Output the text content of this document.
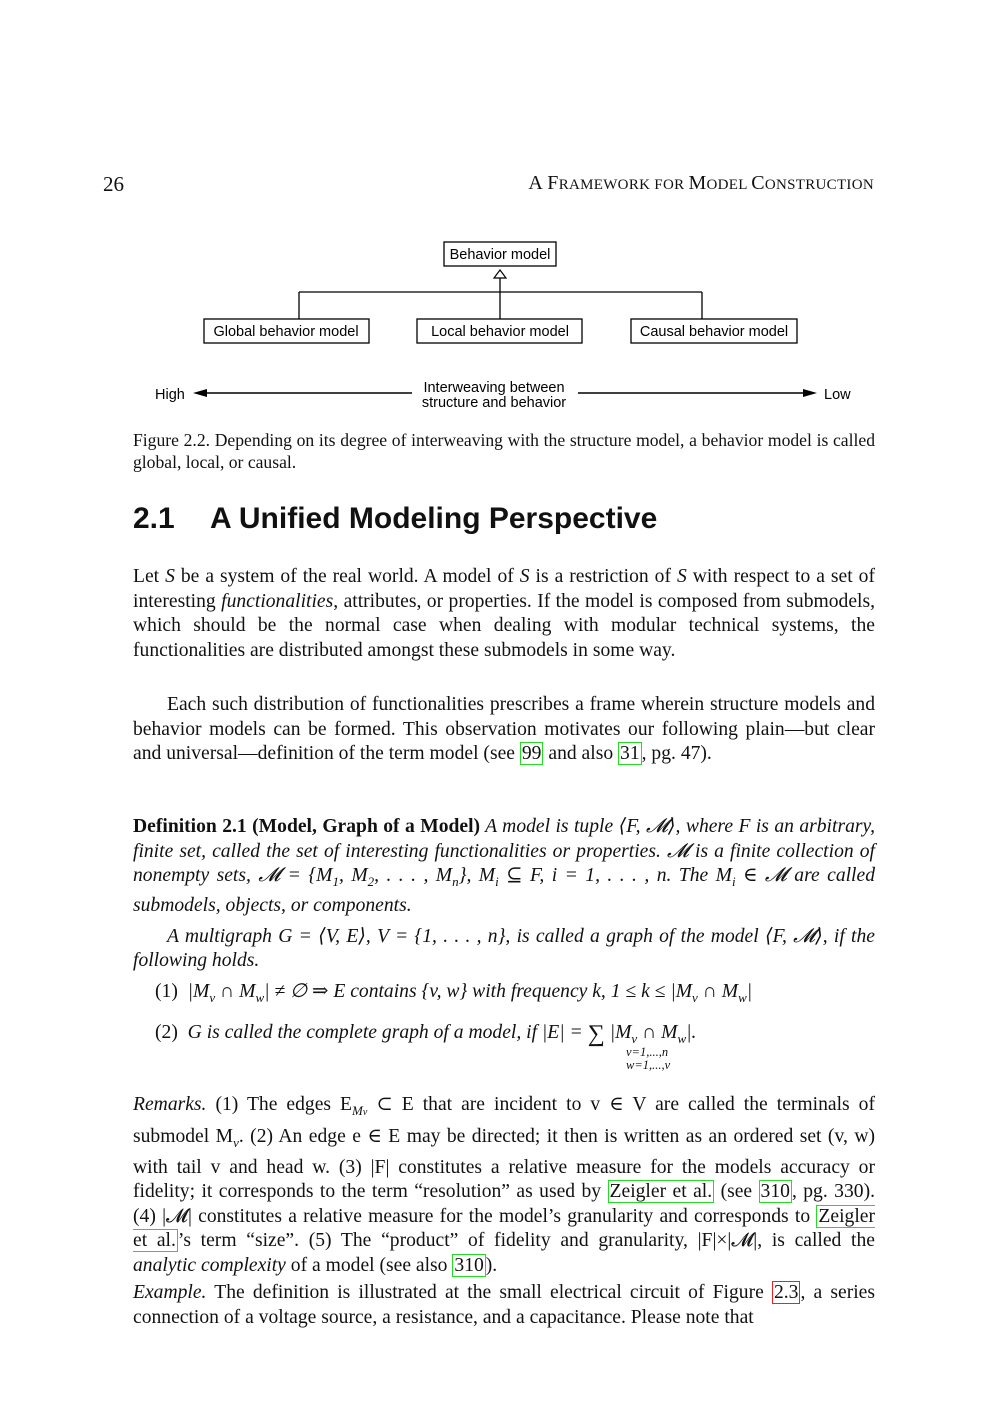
26	A FRAMEWORK FOR MODEL CONSTRUCTION
Behavior model
Global behavior model	Local behavior model	Causal behavior model
High	Interweaving between
structure and behavior	Low
Figure 2.2. Depending on its degree of interweaving with the structure model, a behavior model is called global, local, or causal.
2.1 A Unified Modeling Perspective

Let S be a system of the real world. A model of S is a restriction of S with respect to a set of interesting functionalities, attributes, or properties. If the model is composed from submodels, which should be the normal case when dealing with modular technical systems, the functionalities are distributed amongst these submodels in some way.

Each such distribution of functionalities prescribes a frame wherein structure models and behavior models can be formed. This observation motivates our following plain—but clear and universal—definition of the term model (see 99 and also 31 , pg. 47).

Definition 2.1 (Model, Graph of a Model) A model is tuple ⟨F, 𝓜⟩, where F is an arbitrary, finite set, called the set of interesting functionalities or properties. 𝓜 is a finite collection of nonempty sets, 𝓜 = {$M_1$, $M_2$, . . . , $M_n$}, $M_i$ ⊆ F, i = 1, . . . , n. The $M_i$ ∈ 𝓜 are called submodels, objects, or components.

A multigraph G = ⟨V, E⟩, V = {1, . . . , n}, is called a graph of the model ⟨F, 𝓜⟩, if the following holds.

(1) $|M_v$ ∩ $M_w|$ ≠ ∅ ⇒ E contains {v, w} with frequency k, $1 \le k \le |M_v$ ∩ $M_w|$
(2) G is called the complete graph of a model, if |E| = ∑ $|M_v$ ∩ $M_w|$.
v=1,...,n
w=1,...,v

Remarks. (1) The edges $E_{Mv}$ ⊂ E that are incident to v ∈ V are called the terminals of submodel $M_v$. (2) An edge e ∈ E may be directed; it then is written as an ordered set (v, w) with tail v and head w. (3) |F| constitutes a relative measure for the models accuracy or fidelity; it corresponds to the term “resolution” as used by Zeigler et al. (see 310 , pg. 330). (4) |𝓜| constitutes a relative measure for the model’s granularity and corresponds to Zeigler et al. ’s term “size”. (5) The “product” of fidelity and granularity, |F|×|𝓜|, is called the analytic complexity of a model (see also 310 ).

Example. The definition is illustrated at the small electrical circuit of Figure 2.3 , a series connection of a voltage source, a resistance, and a capacitance. Please note that
